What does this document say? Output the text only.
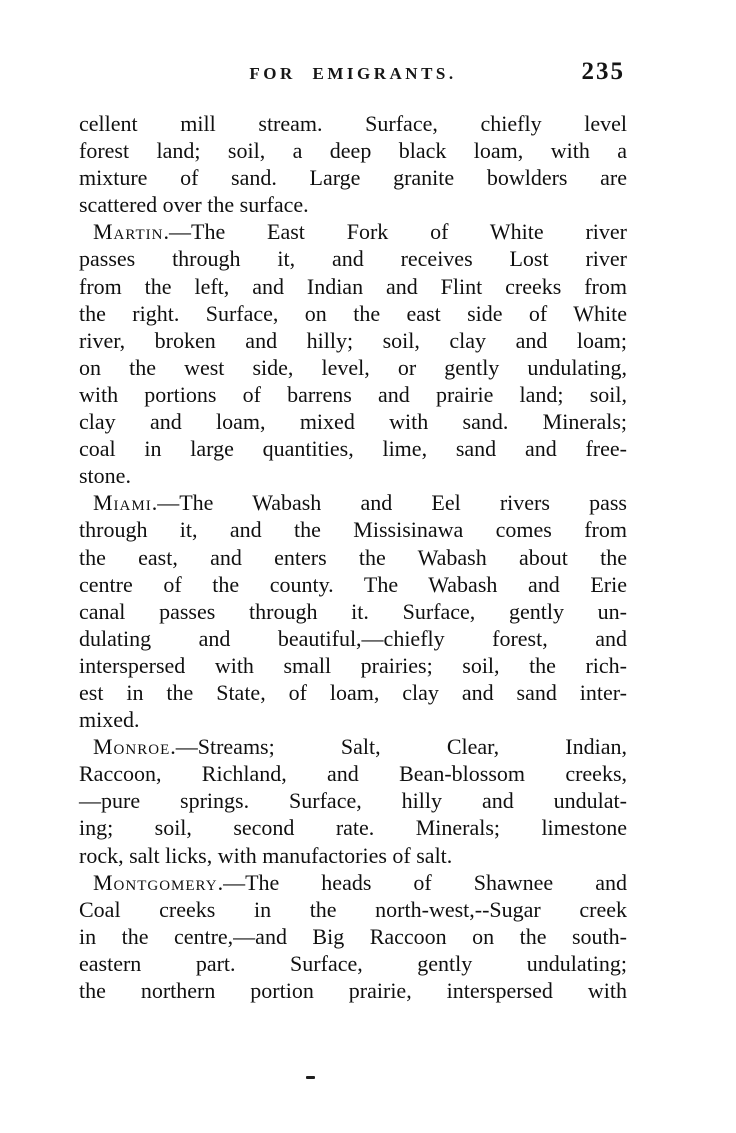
FOR EMIGRANTS.	235
cellent mill stream. Surface, chiefly level
forest land; soil, a deep black loam, with a
mixture of sand. Large granite bowlders are
scattered over the surface.
Martin.—The East Fork of White river
passes through it, and receives Lost river
from the left, and Indian and Flint creeks from
the right. Surface, on the east side of White
river, broken and hilly; soil, clay and loam;
on the west side, level, or gently undulating,
with portions of barrens and prairie land; soil,
clay and loam, mixed with sand. Minerals;
coal in large quantities, lime, sand and free-
stone.
Miami.—The Wabash and Eel rivers pass
through it, and the Missisinawa comes from
the east, and enters the Wabash about the
centre of the county. The Wabash and Erie
canal passes through it. Surface, gently un-
dulating and beautiful,—chiefly forest, and
interspersed with small prairies; soil, the rich-
est in the State, of loam, clay and sand inter-
mixed.
Monroe.—Streams; Salt, Clear, Indian,
Raccoon, Richland, and Bean-blossom creeks,
—pure springs. Surface, hilly and undulat-
ing; soil, second rate. Minerals; limestone
rock, salt licks, with manufactories of salt.
Montgomery.—The heads of Shawnee and
Coal creeks in the north-west,--Sugar creek
in the centre,—and Big Raccoon on the south-
eastern part. Surface, gently undulating;
the northern portion prairie, interspersed with
